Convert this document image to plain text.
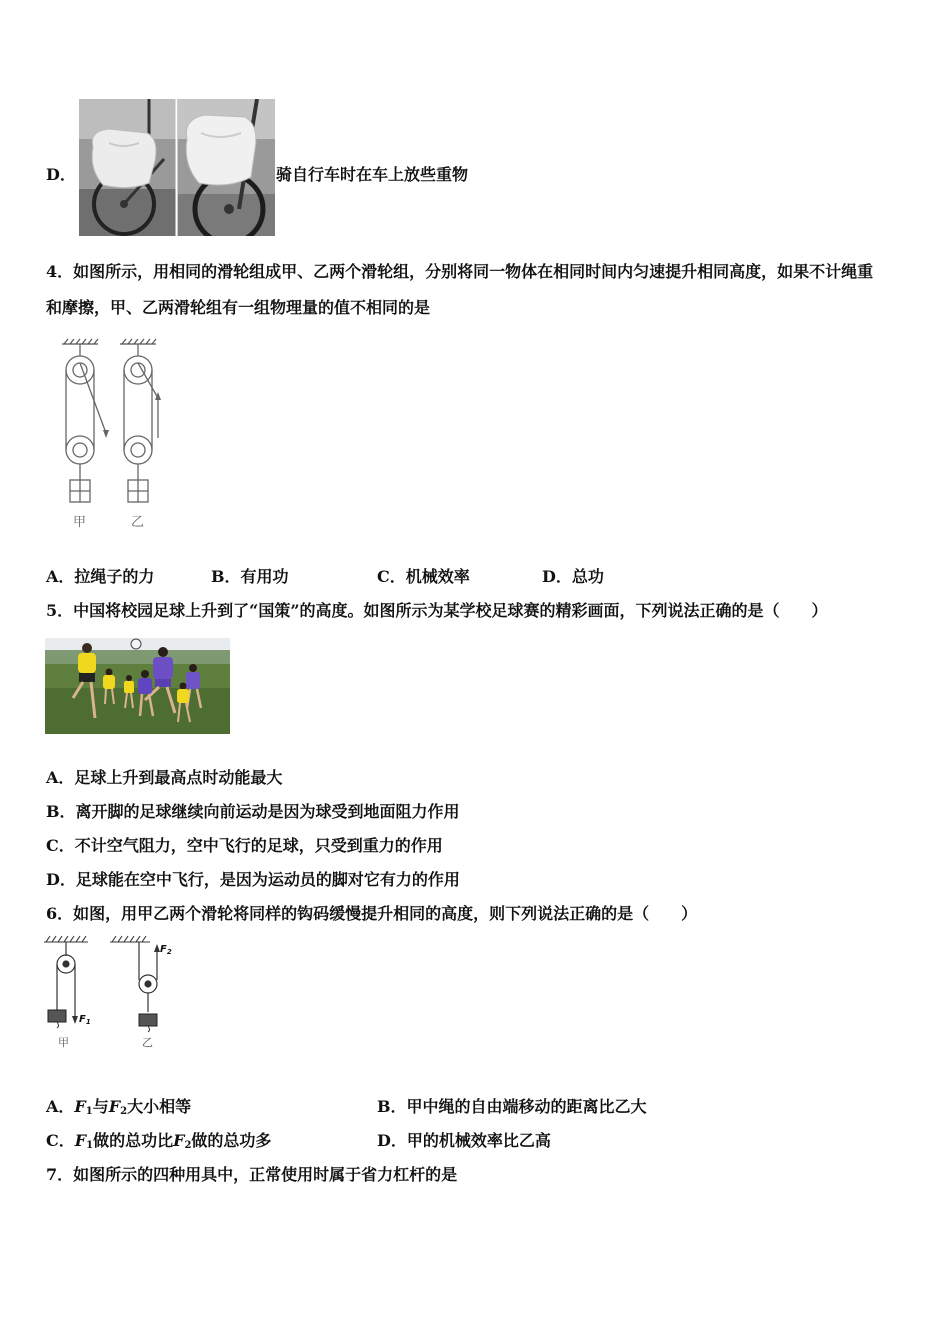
D．	骑自行车时在车上放些重物
4．如图所示，用相同的滑轮组成甲、乙两个滑轮组，分别将同一物体在相同时间内匀速提升相同高度，如果不计绳重
和摩擦，甲、乙两滑轮组有一组物理量的值不相同的是
甲	乙
A．拉绳子的力	B．有用功	C．机械效率	D．总功
5．中国将校园足球上升到了“国策”的高度。如图所示为某学校足球赛的精彩画面，下列说法正确的是（　　）
A．足球上升到最高点时动能最大
B．离开脚的足球继续向前运动是因为球受到地面阻力作用
C．不计空气阻力，空中飞行的足球，只受到重力的作用
D．足球能在空中飞行，是因为运动员的脚对它有力的作用
6．如图，用甲乙两个滑轮将同样的钩码缓慢提升相同的高度，则下列说法正确的是（　　）
$F_1$
甲
$F_2$
乙
A．$F_1$与$F_2$大小相等	B．甲中绳的自由端移动的距离比乙大
C．$F_1$做的总功比$F_2$做的总功多	D．甲的机械效率比乙高
7．如图所示的四种用具中，正常使用时属于省力杠杆的是
